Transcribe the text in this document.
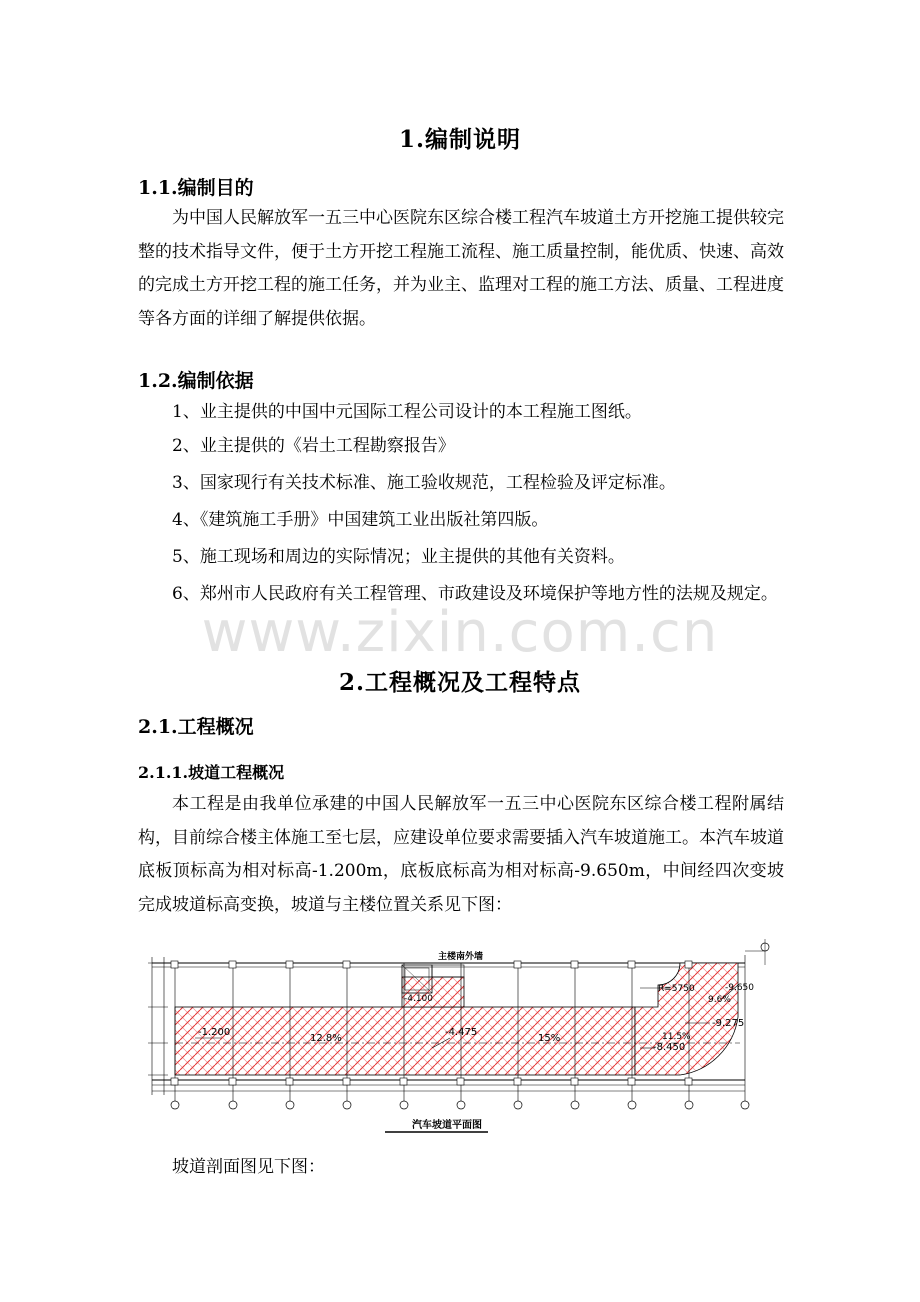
1.编制说明
1.1.编制目的

为中国人民解放军一五三中心医院东区综合楼工程汽车坡道土方开挖施工提供较完整的技术指导文件，便于土方开挖工程施工流程、施工质量控制，能优质、快速、高效的完成土方开挖工程的施工任务，并为业主、监理对工程的施工方法、质量、工程进度等各方面的详细了解提供依据。

1.2.编制依据

1、业主提供的中国中元国际工程公司设计的本工程施工图纸。

2、业主提供的《岩土工程勘察报告》

3、国家现行有关技术标准、施工验收规范，工程检验及评定标准。

4、《建筑施工手册》中国建筑工业出版社第四版。

5、施工现场和周边的实际情况；业主提供的其他有关资料。

6、郑州市人民政府有关工程管理、市政建设及环境保护等地方性的法规及规定。

2.工程概况及工程特点
2.1.工程概况
2.1.1.坡道工程概况

本工程是由我单位承建的中国人民解放军一五三中心医院东区综合楼工程附属结构，目前综合楼主体施工至七层，应建设单位要求需要插入汽车坡道施工。本汽车坡道底板顶标高为相对标高-1.200m，底板底标高为相对标高-9.650m，中间经四次变坡完成坡道标高变换，坡道与主楼位置关系见下图：

主楼南外墙
-1.200
-4.100
-4.475
-8.450
-9.275
-9.650
12.8%	15%	11.5%
9.6%
R=5750
汽车坡道平面图

坡道剖面图见下图：

www.zixin.com.cn
